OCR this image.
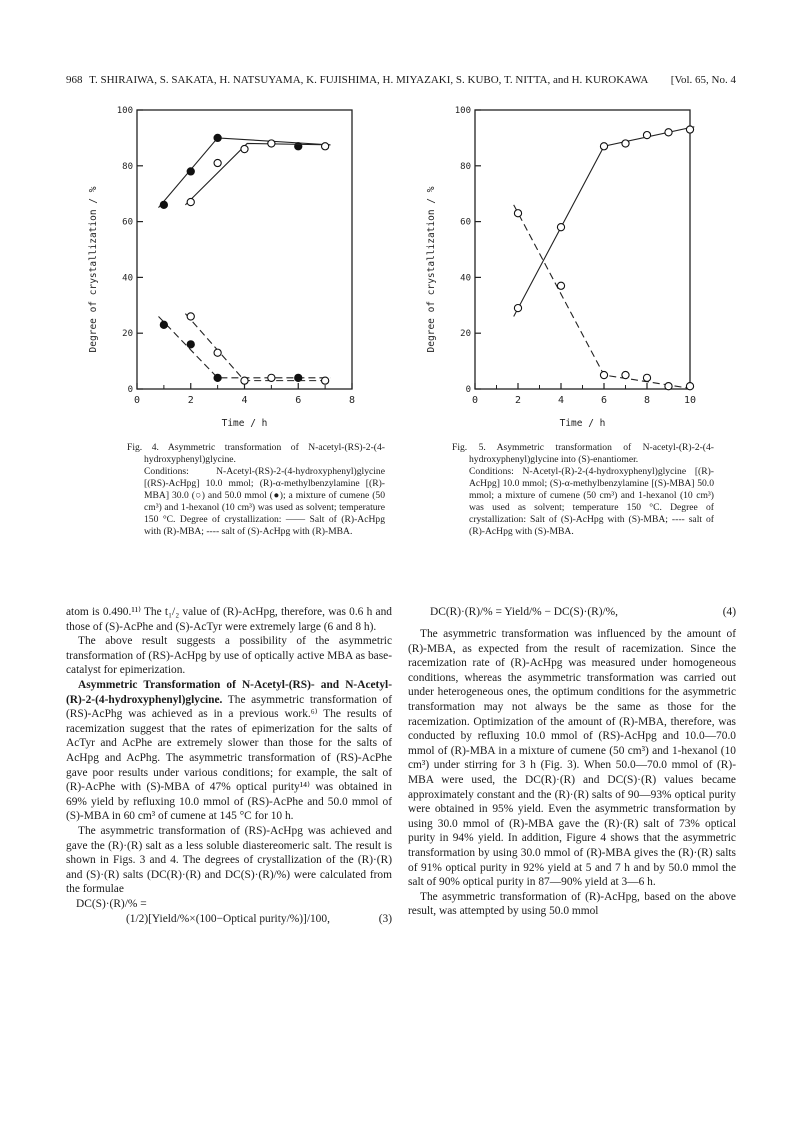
968 T. SHIRAIWA, S. SAKATA, H. NATSUYAMA, K. FUJISHIMA, H. MIYAZAKI, S. KUBO, T. NITTA, and H. KUROKAWA [Vol. 65, No. 4
0	2	4	6	8
0
20
40
60
80
100
Time / h
Degree of crystallization / %
0	2	4	6	8	10
0
20
40
60
80
100
Time / h
Degree of crystallization / %

Fig. 4. Asymmetric transformation of N-acetyl-(RS)-2-(4-hydroxyphenyl)glycine.

Conditions: N-Acetyl-(RS)-2-(4-hydroxyphenyl)glycine [(RS)-AcHpg] 10.0 mmol; (R)-α-methylbenzylamine [(R)-MBA] 30.0 (○) and 50.0 mmol (●); a mixture of cumene (50 cm³) and 1-hexanol (10 cm³) was used as solvent; temperature 150 °C. Degree of crystallization: —— Salt of (R)-AcHpg with (R)-MBA; ---- salt of (S)-AcHpg with (R)-MBA.

Fig. 5. Asymmetric transformation of N-acetyl-(R)-2-(4-hydroxyphenyl)glycine into (S)-enantiomer.

Conditions: N-Acetyl-(R)-2-(4-hydroxyphenyl)glycine [(R)-AcHpg] 10.0 mmol; (S)-α-methylbenzylamine [(S)-MBA] 50.0 mmol; a mixture of cumene (50 cm³) and 1-hexanol (10 cm³) was used as solvent; temperature 150 °C. Degree of crystallization: Salt of (S)-AcHpg with (S)-MBA; ---- salt of (R)-AcHpg with (S)-MBA.

atom is 0.490.¹¹⁾ The t₁/₂ value of (R)-AcHpg, therefore, was 0.6 h and those of (S)-AcPhe and (S)-AcTyr were extremely large (6 and 8 h).

The above result suggests a possibility of the asymmetric transformation of (RS)-AcHpg by use of optically active MBA as base-catalyst for epimerization.

Asymmetric Transformation of N-Acetyl-(RS)- and N-Acetyl-(R)-2-(4-hydroxyphenyl)glycine. The asymmetric transformation of (RS)-AcPhg was achieved as in a previous work.⁶⁾ The results of racemization suggest that the rates of epimerization for the salts of AcTyr and AcPhe are extremely slower than those for the salts of AcHpg and AcPhg. The asymmetric transformation of (RS)-AcPhe gave poor results under various conditions; for example, the salt of (R)-AcPhe with (S)-MBA of 47% optical purity¹⁴⁾ was obtained in 69% yield by refluxing 10.0 mmol of (RS)-AcPhe and 50.0 mmol of (S)-MBA in 60 cm³ of cumene at 145 °C for 10 h.

The asymmetric transformation of (RS)-AcHpg was achieved and gave the (R)·(R) salt as a less soluble diastereomeric salt. The result is shown in Figs. 3 and 4. The degrees of crystallization of the (R)·(R) and (S)·(R) salts (DC(R)·(R) and DC(S)·(R)/%) were calculated from the formulae

DC(S)·(R)/% =
(1/2)[Yield/%×(100−Optical purity/%)]/100,	(3)
DC(R)·(R)/% = Yield/% − DC(S)·(R)/%,	(4)

The asymmetric transformation was influenced by the amount of (R)-MBA, as expected from the result of racemization. Since the racemization rate of (R)-AcHpg was measured under homogeneous conditions, whereas the asymmetric transformation was carried out under heterogeneous ones, the optimum conditions for the asymmetric transformation may not always be the same as those for the racemization. Optimization of the amount of (R)-MBA, therefore, was conducted by refluxing 10.0 mmol of (RS)-AcHpg and 10.0—70.0 mmol of (R)-MBA in a mixture of cumene (50 cm³) and 1-hexanol (10 cm³) under stirring for 3 h (Fig. 3). When 50.0—70.0 mmol of (R)-MBA were used, the DC(R)·(R) and DC(S)·(R) values became approximately constant and the (R)·(R) salts of 90—93% optical purity were obtained in 95% yield. Even the asymmetric transformation by using 30.0 mmol of (R)-MBA gave the (R)·(R) salt of 73% optical purity in 94% yield. In addition, Figure 4 shows that the asymmetric transformation by using 30.0 mmol of (R)-MBA gives the (R)·(R) salts of 91% optical purity in 92% yield at 5 and 7 h and by 50.0 mmol the salt of 90% optical purity in 87—90% yield at 3—6 h.

The asymmetric transformation of (R)-AcHpg, based on the above result, was attempted by using 50.0 mmol
